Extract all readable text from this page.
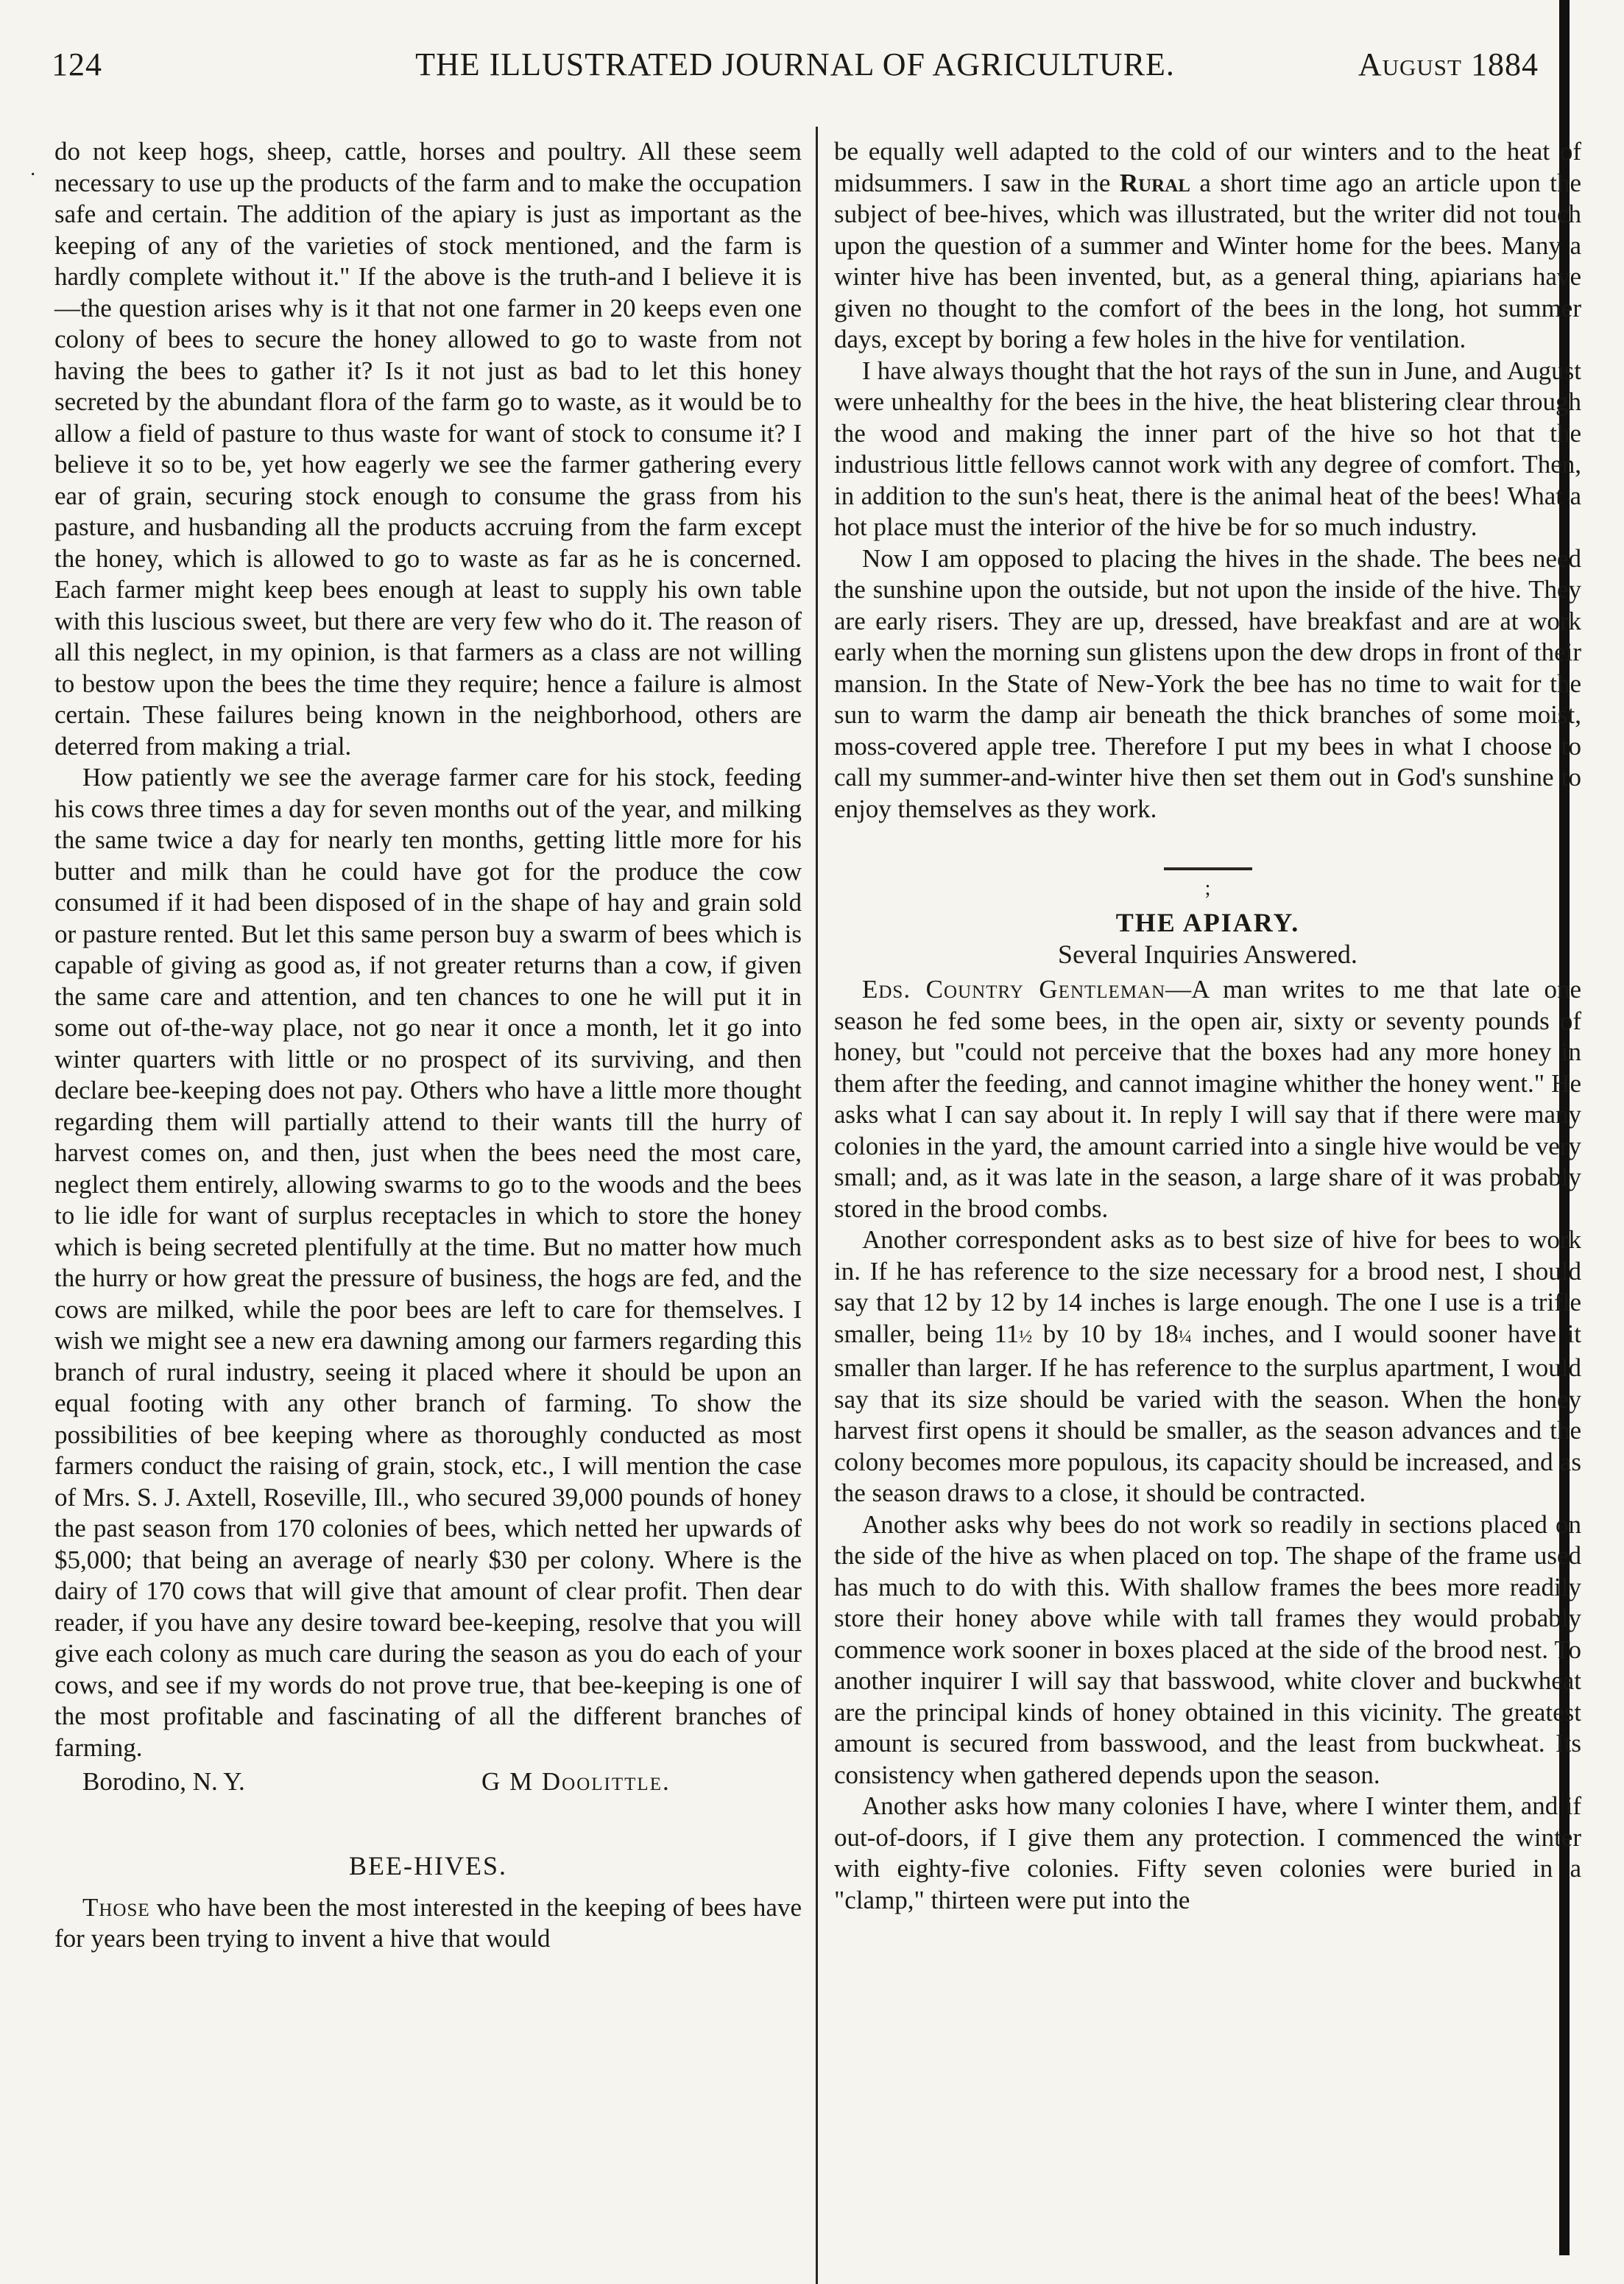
THE ILLUSTRATED JOURNAL OF AGRICULTURE.
124	August 1884
·

do not keep hogs, sheep, cattle, horses and poultry. All these seem necessary to use up the products of the farm and to make the occupation safe and certain. The addition of the apiary is just as important as the keeping of any of the varieties of stock mentioned, and the farm is hardly complete without it." If the above is the truth-and I believe it is —the question arises why is it that not one farmer in 20 keeps even one colony of bees to secure the honey allowed to go to waste from not having the bees to gather it? Is it not just as bad to let this honey secreted by the abundant flora of the farm go to waste, as it would be to allow a field of pasture to thus waste for want of stock to consume it? I believe it so to be, yet how eagerly we see the farmer gathering every ear of grain, securing stock enough to consume the grass from his pasture, and husbanding all the products accruing from the farm except the honey, which is allowed to go to waste as far as he is concerned. Each farmer might keep bees enough at least to supply his own table with this luscious sweet, but there are very few who do it. The reason of all this neglect, in my opinion, is that farmers as a class are not willing to bestow upon the bees the time they require; hence a failure is almost certain. These failures being known in the neighborhood, others are deterred from making a trial.

How patiently we see the average farmer care for his stock, feeding his cows three times a day for seven months out of the year, and milking the same twice a day for nearly ten months, getting little more for his butter and milk than he could have got for the produce the cow consumed if it had been disposed of in the shape of hay and grain sold or pasture rented. But let this same person buy a swarm of bees which is capable of giving as good as, if not greater returns than a cow, if given the same care and attention, and ten chances to one he will put it in some out of-the-way place, not go near it once a month, let it go into winter quarters with little or no prospect of its surviving, and then declare bee-keeping does not pay. Others who have a little more thought regarding them will partially attend to their wants till the hurry of harvest comes on, and then, just when the bees need the most care, neglect them entirely, allowing swarms to go to the woods and the bees to lie idle for want of surplus receptacles in which to store the honey which is being secreted plentifully at the time. But no matter how much the hurry or how great the pressure of business, the hogs are fed, and the cows are milked, while the poor bees are left to care for themselves. I wish we might see a new era dawning among our farmers regarding this branch of rural industry, seeing it placed where it should be upon an equal footing with any other branch of farming. To show the possibilities of bee keeping where as thoroughly conducted as most farmers conduct the raising of grain, stock, etc., I will mention the case of Mrs. S. J. Axtell, Roseville, Ill., who secured 39,000 pounds of honey the past season from 170 colonies of bees, which netted her upwards of $5,000; that being an average of nearly $30 per colony. Where is the dairy of 170 cows that will give that amount of clear profit. Then dear reader, if you have any desire toward bee-keeping, resolve that you will give each colony as much care during the season as you do each of your cows, and see if my words do not prove true, that bee-keeping is one of the most profitable and fascinating of all the different branches of farming.

Borodino, N. Y.	G M Doolittle.
BEE-HIVES.

Those who have been the most interested in the keeping of bees have for years been trying to invent a hive that would

be equally well adapted to the cold of our winters and to the heat of midsummers. I saw in the Rural a short time ago an article upon the subject of bee-hives, which was illustrated, but the writer did not touch upon the question of a summer and Winter home for the bees. Many a winter hive has been invented, but, as a general thing, apiarians have given no thought to the comfort of the bees in the long, hot summer days, except by boring a few holes in the hive for ventilation.

I have always thought that the hot rays of the sun in June, and August were unhealthy for the bees in the hive, the heat blistering clear through the wood and making the inner part of the hive so hot that the industrious little fellows cannot work with any degree of comfort. Then, in addition to the sun's heat, there is the animal heat of the bees! What a hot place must the interior of the hive be for so much industry.

Now I am opposed to placing the hives in the shade. The bees need the sunshine upon the outside, but not upon the inside of the hive. They are early risers. They are up, dressed, have breakfast and are at work early when the morning sun glistens upon the dew drops in front of their mansion. In the State of New-York the bee has no time to wait for the sun to warm the damp air beneath the thick branches of some moist, moss-covered apple tree. Therefore I put my bees in what I choose to call my summer-and-winter hive then set them out in God's sunshine to enjoy themselves as they work.

;
THE APIARY.
Several Inquiries Answered.

Eds. Country Gentleman—A man writes to me that late one season he fed some bees, in the open air, sixty or seventy pounds of honey, but "could not perceive that the boxes had any more honey in them after the feeding, and cannot imagine whither the honey went." He asks what I can say about it. In reply I will say that if there were many colonies in the yard, the amount carried into a single hive would be very small; and, as it was late in the season, a large share of it was probably stored in the brood combs.

Another correspondent asks as to best size of hive for bees to work in. If he has reference to the size necessary for a brood nest, I should say that 12 by 12 by 14 inches is large enough. The one I use is a trifle smaller, being 11½ by 10 by 18¼ inches, and I would sooner have it smaller than larger. If he has reference to the surplus apartment, I would say that its size should be varied with the season. When the honey harvest first opens it should be smaller, as the season advances and the colony becomes more populous, its capacity should be increased, and as the season draws to a close, it should be contracted.

Another asks why bees do not work so readily in sections placed on the side of the hive as when placed on top. The shape of the frame used has much to do with this. With shallow frames the bees more readily store their honey above while with tall frames they would probably commence work sooner in boxes placed at the side of the brood nest. To another inquirer I will say that basswood, white clover and buckwheat are the principal kinds of honey obtained in this vicinity. The greatest amount is secured from basswood, and the least from buckwheat. Its consistency when gathered depends upon the season.

Another asks how many colonies I have, where I winter them, and if out-of-doors, if I give them any protection. I commenced the winter with eighty-five colonies. Fifty seven colonies were buried in a "clamp," thirteen were put into the
